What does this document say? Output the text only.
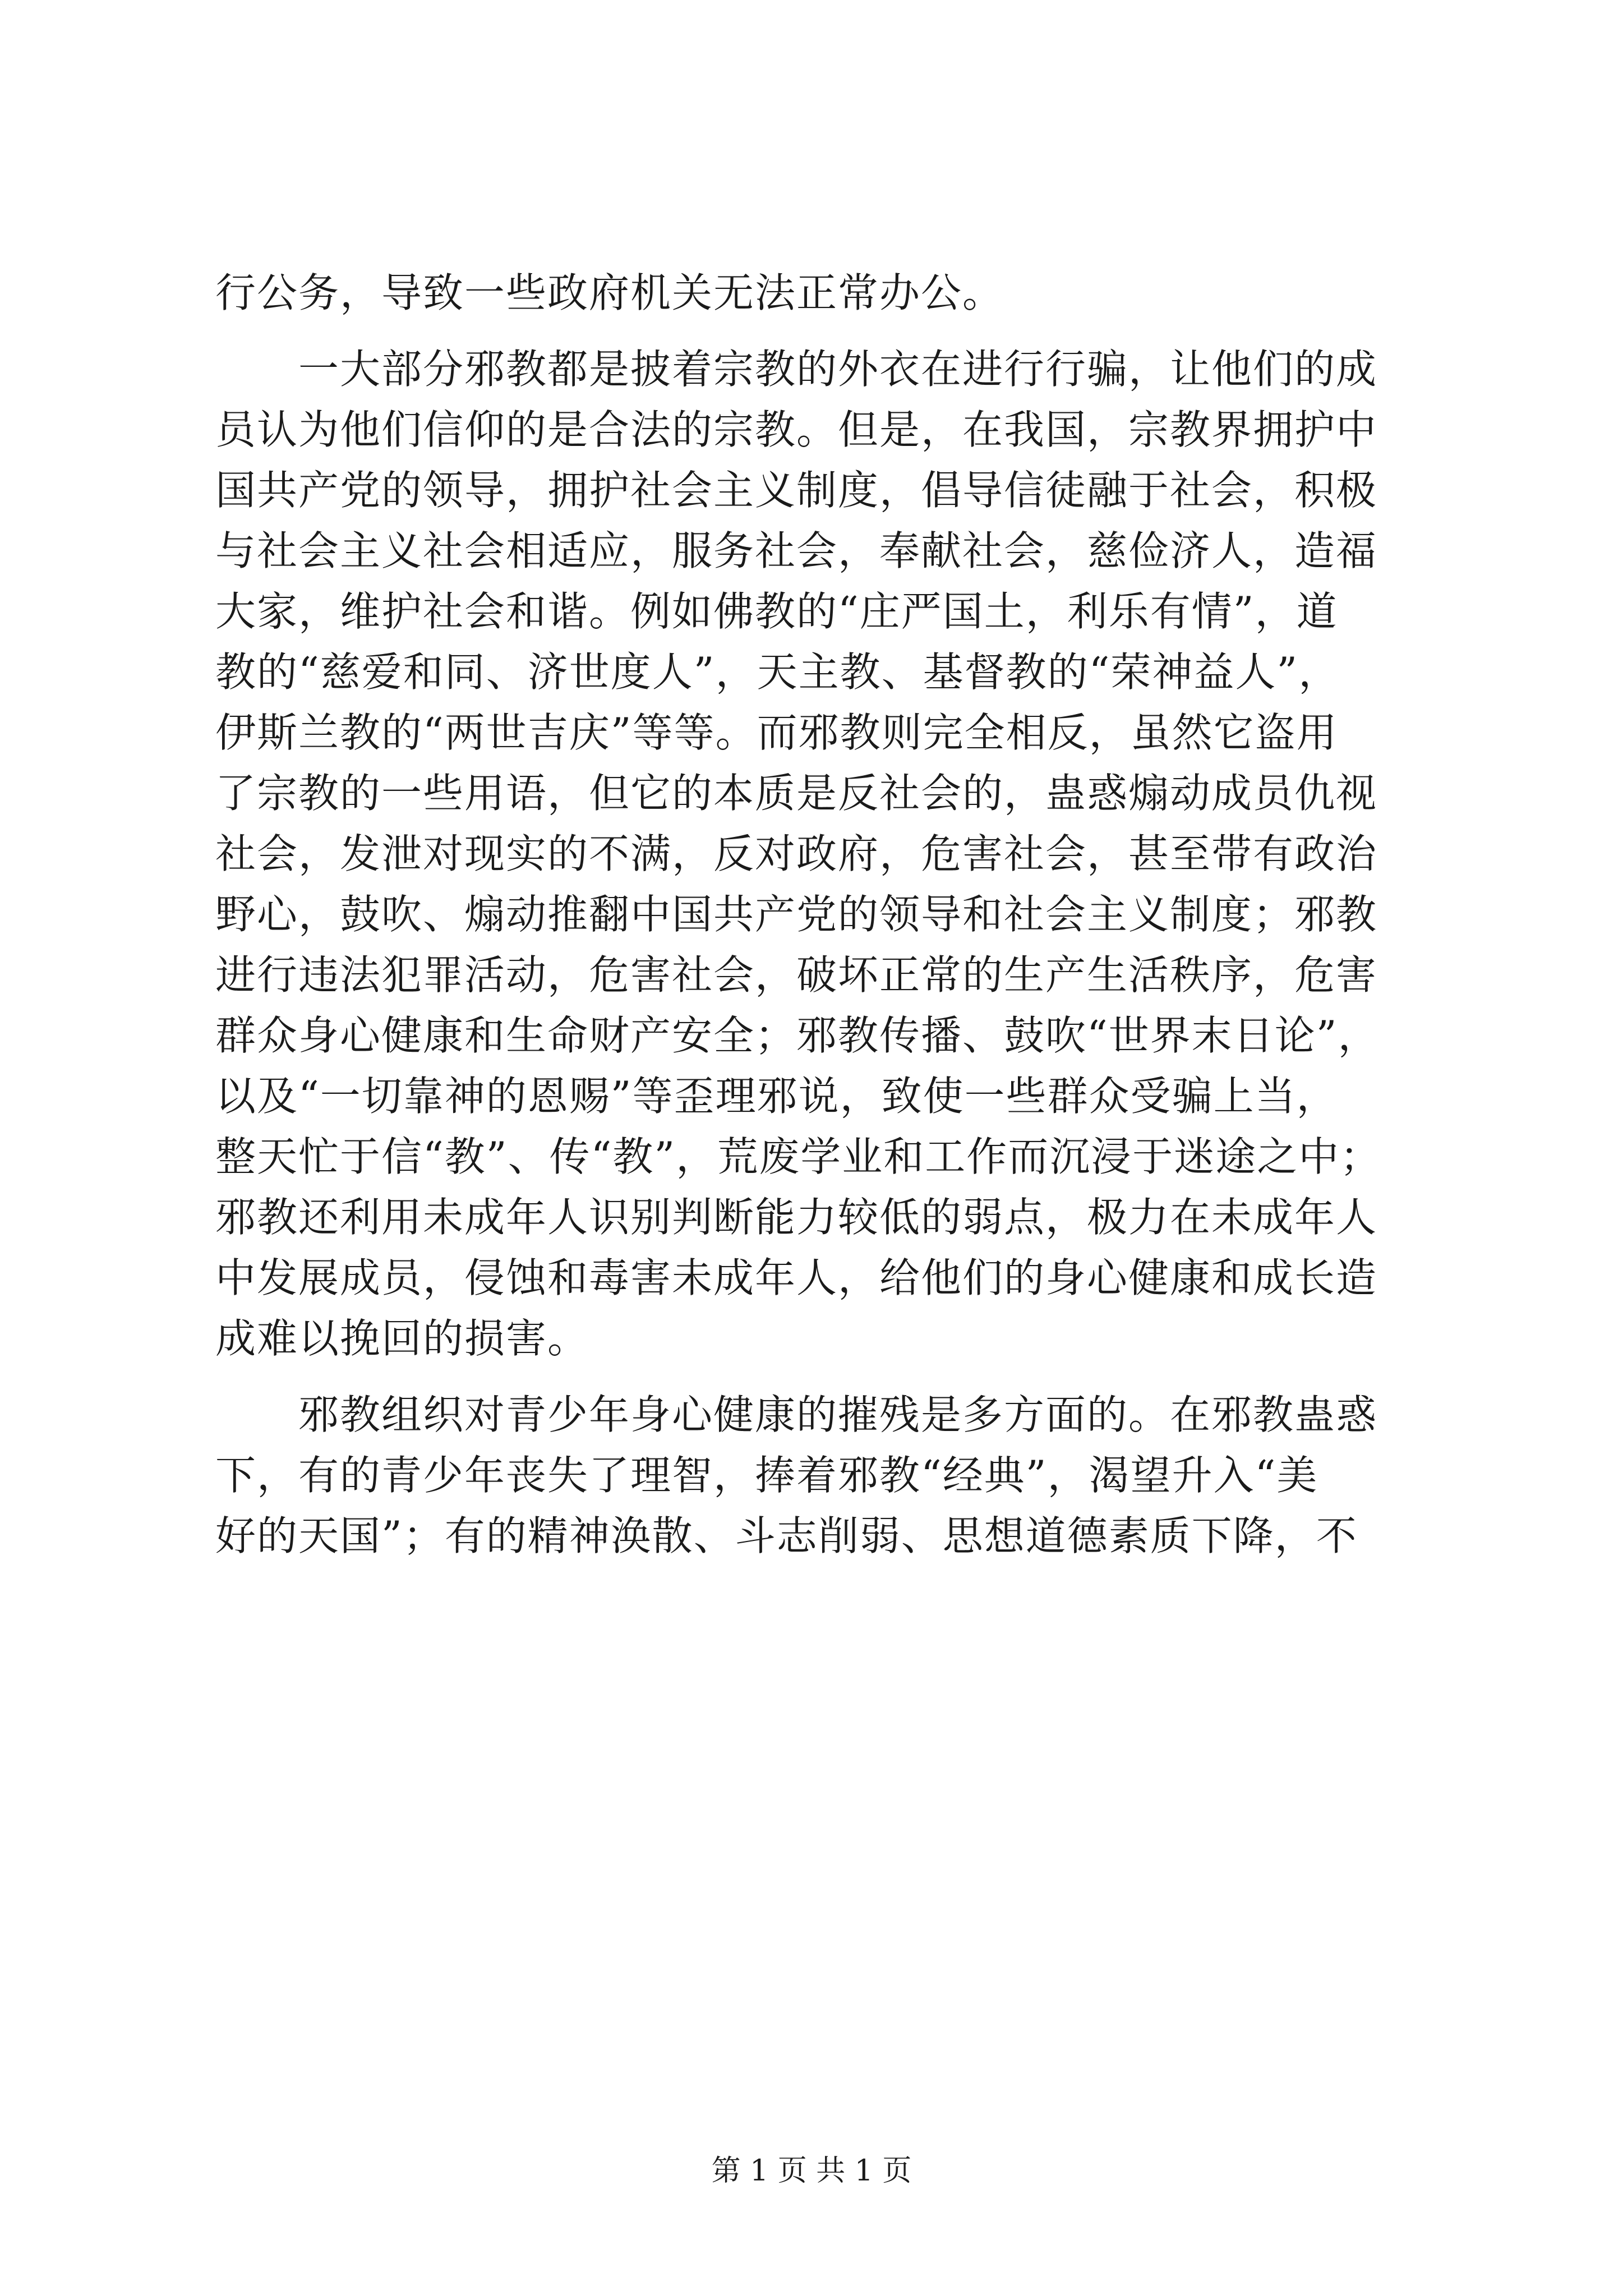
行公务，导致一些政府机关无法正常办公。
　　一大部分邪教都是披着宗教的外衣在进行行骗，让他们的成
员认为他们信仰的是合法的宗教。但是，在我国，宗教界拥护中
国共产党的领导，拥护社会主义制度，倡导信徒融于社会，积极
与社会主义社会相适应，服务社会，奉献社会，慈俭济人，造福
大家，维护社会和谐。例如佛教的“庄严国土，利乐有情”，道
教的“慈爱和同、济世度人”，天主教、基督教的“荣神益人”，
伊斯兰教的“两世吉庆”等等。而邪教则完全相反，虽然它盗用
了宗教的一些用语，但它的本质是反社会的，蛊惑煽动成员仇视
社会，发泄对现实的不满，反对政府，危害社会，甚至带有政治
野心，鼓吹、煽动推翻中国共产党的领导和社会主义制度；邪教
进行违法犯罪活动，危害社会，破坏正常的生产生活秩序，危害
群众身心健康和生命财产安全；邪教传播、鼓吹“世界末日论”，
以及“一切靠神的恩赐”等歪理邪说，致使一些群众受骗上当，
整天忙于信“教”、传“教”，荒废学业和工作而沉浸于迷途之中；
邪教还利用未成年人识别判断能力较低的弱点，极力在未成年人
中发展成员，侵蚀和毒害未成年人，给他们的身心健康和成长造
成难以挽回的损害。
　　邪教组织对青少年身心健康的摧残是多方面的。在邪教蛊惑
下，有的青少年丧失了理智，捧着邪教“经典”，渴望升入“美
好的天国”；有的精神涣散、斗志削弱、思想道德素质下降，不
第 1 页 共 1 页
